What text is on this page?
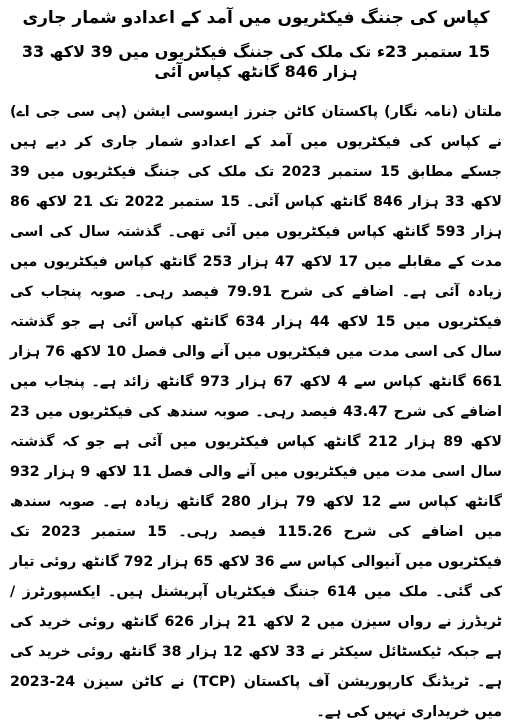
کپاس کی جننگ فیکٹریوں میں آمد کے اعدادو شمار جاری
15 ستمبر 23ء تک ملک کی جننگ فیکٹریوں میں 39 لاکھ 33 ہزار 846 گانٹھ کپاس آئی

ملتان (نامہ نگار) پاکستان کاٹن جنرز ایسوسی ایشن (پی سی جی اے) نے کپاس کی فیکٹریوں میں آمد کے اعدادو شمار جاری کر دیے ہیں جسکے مطابق 15 ستمبر 2023 تک ملک کی جننگ فیکٹریوں میں 39 لاکھ 33 ہزار 846 گانٹھ کپاس آئی۔ 15 ستمبر 2022 تک 21 لاکھ 86 ہزار 593 گانٹھ کپاس فیکٹریوں میں آئی تھی۔ گذشتہ سال کی اسی مدت کے مقابلے میں 17 لاکھ 47 ہزار 253 گانٹھ کپاس فیکٹریوں میں زیادہ آئی ہے۔ اضافے کی شرح 79.91 فیصد رہی۔ صوبہ پنجاب کی فیکٹریوں میں 15 لاکھ 44 ہزار 634 گانٹھ کپاس آئی ہے جو گذشتہ سال کی اسی مدت میں فیکٹریوں میں آنے والی فصل 10 لاکھ 76 ہزار 661 گانٹھ کپاس سے 4 لاکھ 67 ہزار 973 گانٹھ زائد ہے۔ پنجاب میں اضافے کی شرح 43.47 فیصد رہی۔ صوبہ سندھ کی فیکٹریوں میں 23 لاکھ 89 ہزار 212 گانٹھ کپاس فیکٹریوں میں آئی ہے جو کہ گذشتہ سال اسی مدت میں فیکٹریوں میں آنے والی فصل 11 لاکھ 9 ہزار 932 گانٹھ کپاس سے 12 لاکھ 79 ہزار 280 گانٹھ زیادہ ہے۔ صوبہ سندھ میں اضافے کی شرح 115.26 فیصد رہی۔ 15 ستمبر 2023 تک فیکٹریوں میں آنیوالی کپاس سے 36 لاکھ 65 ہزار 792 گانٹھ روئی تیار کی گئی۔ ملک میں 614 جننگ فیکٹریاں آپریشنل ہیں۔ ایکسپورٹرز / ٹریڈرز نے رواں سیزن میں 2 لاکھ 21 ہزار 626 گانٹھ روئی خرید کی ہے جبکہ ٹیکسٹائل سیکٹر نے 33 لاکھ 12 ہزار 38 گانٹھ روئی خرید کی ہے۔ ٹریڈنگ کارپوریشن آف پاکستان (TCP) نے کاٹن سیزن 24-2023 میں خریداری نہیں کی ہے۔
